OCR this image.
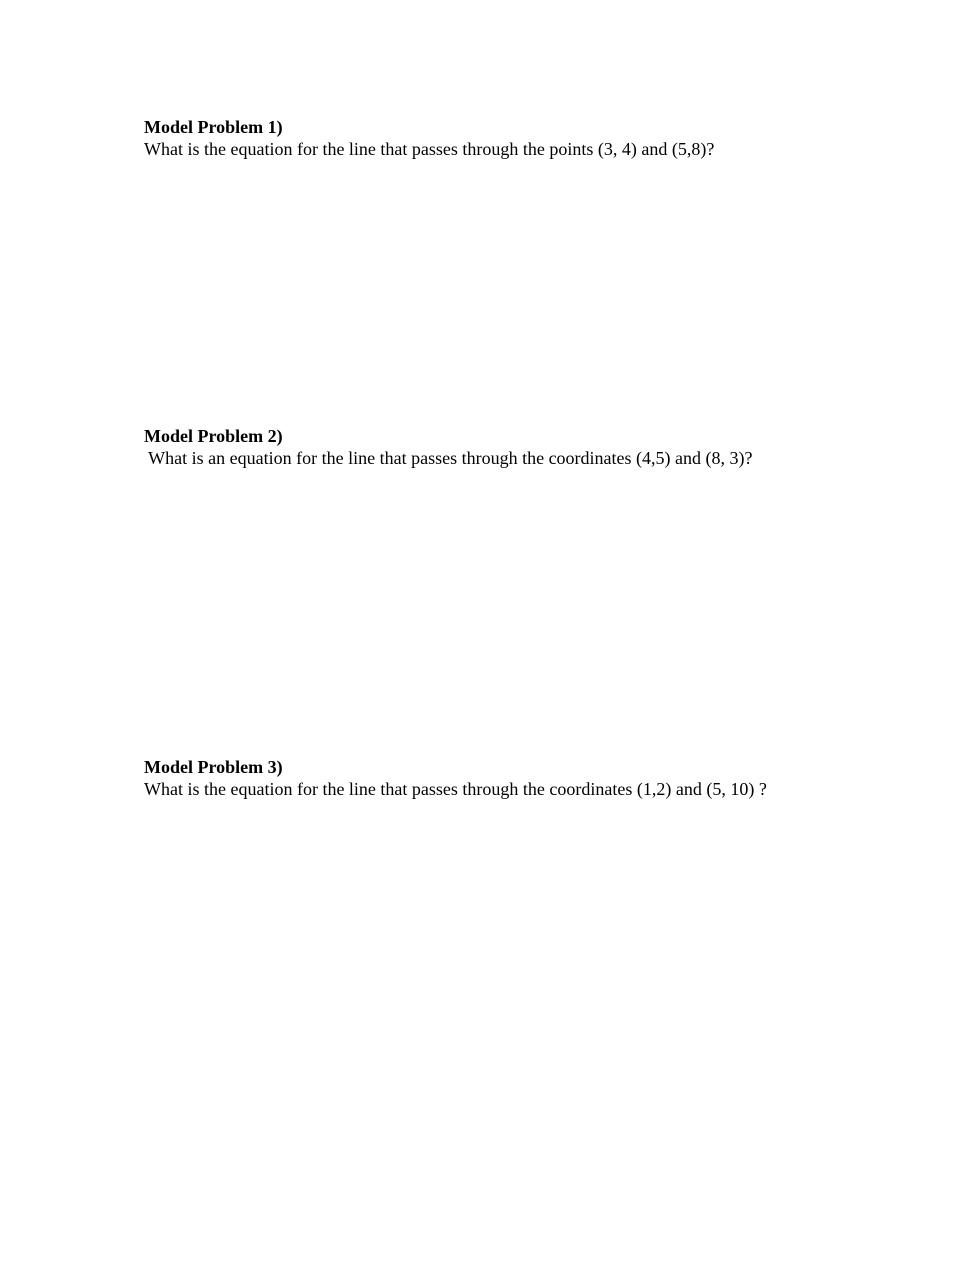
Model Problem 1)
What is the equation for the line that passes through the points (3, 4) and (5,8)?
Model Problem 2)
What is an equation for the line that passes through the coordinates (4,5) and (8, 3)?
Model Problem 3)
What is the equation for the line that passes through the coordinates (1,2) and (5, 10) ?
